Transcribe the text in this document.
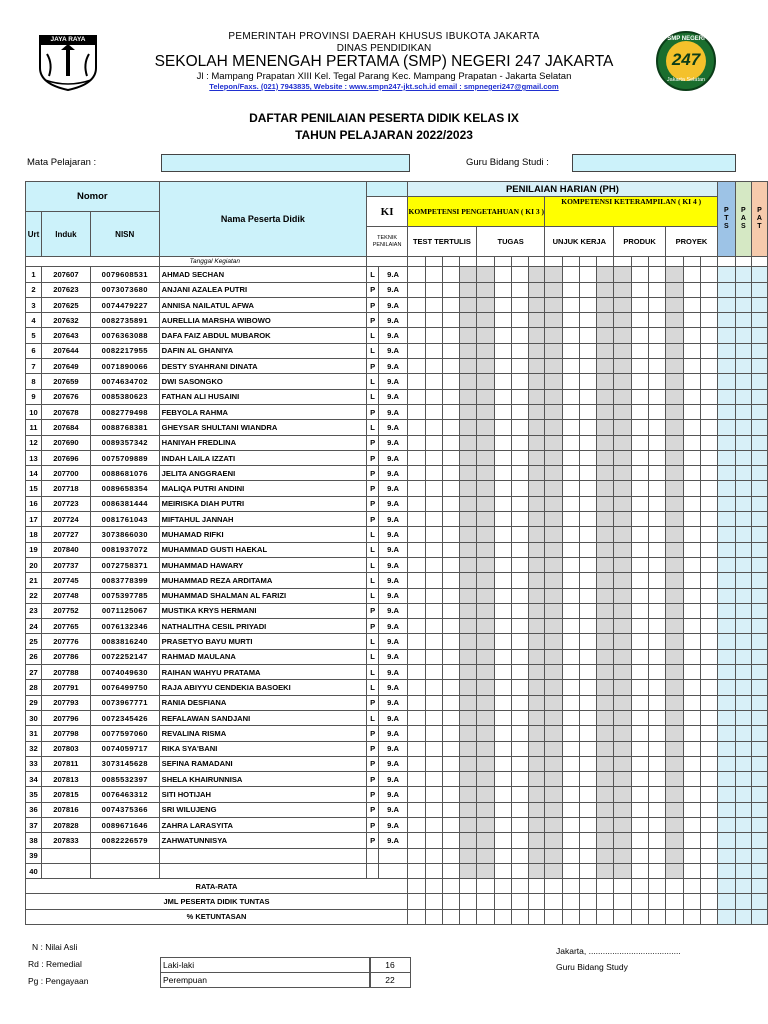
JAYA RAYA	SMP NEGERI
247
Jakarta Selatan
PEMERINTAH PROVINSI DAERAH KHUSUS IBUKOTA JAKARTA
DINAS PENDIDIKAN
SEKOLAH MENENGAH PERTAMA (SMP) NEGERI 247 JAKARTA
Jl : Mampang Prapatan XIII Kel. Tegal Parang Kec. Mampang Prapatan - Jakarta Selatan
Telepon/Faxs. (021) 7943835, Website : www.smpn247-jkt.sch.id email : smpnegeri247@gmail.com
DAFTAR PENILAIAN PESERTA DIDIK KELAS IX
TAHUN PELAJARAN 2022/2023
Mata Pelajaran :	Guru Bidang Studi :
Nomor			Nama Peserta Didik			PENILAIAN HARIAN (PH)																		P T S	P A S	P A T
				KI		KOMPETENSI PENGETAHUAN ( KI 3 )								KOMPETENSI KETERAMPILAN ( KI 4 )												
Urt	Induk	NISN																								
				TEKNIK PENILAIAN		TEST TERTULIS				TUGAS				UNJUK KERJA				PRODUK			PROYEK					
			Tanggal Kegiatan																							
1	207607	0079608531	AHMAD SECHAN	L	9.A																					
2	207623	0073073680	ANJANI AZALEA PUTRI	P	9.A																					
3	207625	0074479227	ANNISA NAILATUL AFWA	P	9.A																					
4	207632	0082735891	AURELLIA MARSHA WIBOWO	P	9.A																					
5	207643	0076363088	DAFA FAIZ ABDUL MUBAROK	L	9.A																					
6	207644	0082217955	DAFIN AL GHANIYA	L	9.A																					
7	207649	0071890066	DESTY SYAHRANI DINATA	P	9.A																					
8	207659	0074634702	DWI SASONGKO	L	9.A																					
9	207676	0085380623	FATHAN ALI HUSAINI	L	9.A																					
10	207678	0082779498	FEBYOLA RAHMA	P	9.A																					
11	207684	0088768381	GHEYSAR SHULTANI WIANDRA	L	9.A																					
12	207690	0089357342	HANIYAH FREDLINA	P	9.A																					
13	207696	0075709889	INDAH LAILA IZZATI	P	9.A																					
14	207700	0088681076	JELITA ANGGRAENI	P	9.A																					
15	207718	0089658354	MALIQA PUTRI ANDINI	P	9.A																					
16	207723	0086381444	MEIRISKA DIAH PUTRI	P	9.A																					
17	207724	0081761043	MIFTAHUL JANNAH	P	9.A																					
18	207727	3073866030	MUHAMAD RIFKI	L	9.A																					
19	207840	0081937072	MUHAMMAD GUSTI HAEKAL	L	9.A																					
20	207737	0072758371	MUHAMMAD HAWARY	L	9.A																					
21	207745	0083778399	MUHAMMAD REZA ARDITAMA	L	9.A																					
22	207748	0075397785	MUHAMMAD SHALMAN AL FARIZI	L	9.A																					
23	207752	0071125067	MUSTIKA KRYS HERMANI	P	9.A																					
24	207765	0076132346	NATHALITHA CESIL PRIYADI	P	9.A																					
25	207776	0083816240	PRASETYO BAYU MURTI	L	9.A																					
26	207786	0072252147	RAHMAD MAULANA	L	9.A																					
27	207788	0074049630	RAIHAN WAHYU PRATAMA	L	9.A																					
28	207791	0076499750	RAJA ABIYYU CENDEKIA BASOEKI	L	9.A																					
29	207793	0073967771	RANIA DESFIANA	P	9.A																					
30	207796	0072345426	REFALAWAN SANDJANI	L	9.A																					
31	207798	0077597060	REVALINA RISMA	P	9.A																					
32	207803	0074059717	RIKA SYA'BANI	P	9.A																					
33	207811	3073145628	SEFINA RAMADANI	P	9.A																					
34	207813	0085532397	SHELA KHAIRUNNISA	P	9.A																					
35	207815	0076463312	SITI HOTIJAH	P	9.A																					
36	207816	0074375366	SRI WILUJENG	P	9.A																					
37	207828	0089671646	ZAHRA LARASYITA	P	9.A																					
38	207833	0082226579	ZAHWATUNNISYA	P	9.A																					
39																										
40																										
RATA-RATA																										
JML PESERTA DIDIK TUNTAS																										
% KETUNTASAN																										
N : Nilai Asli
Rd : Remedial
Pg : Pengayaan
Laki-laki	16
Perempuan	22
Jakarta, .......................................
Guru Bidang Study
